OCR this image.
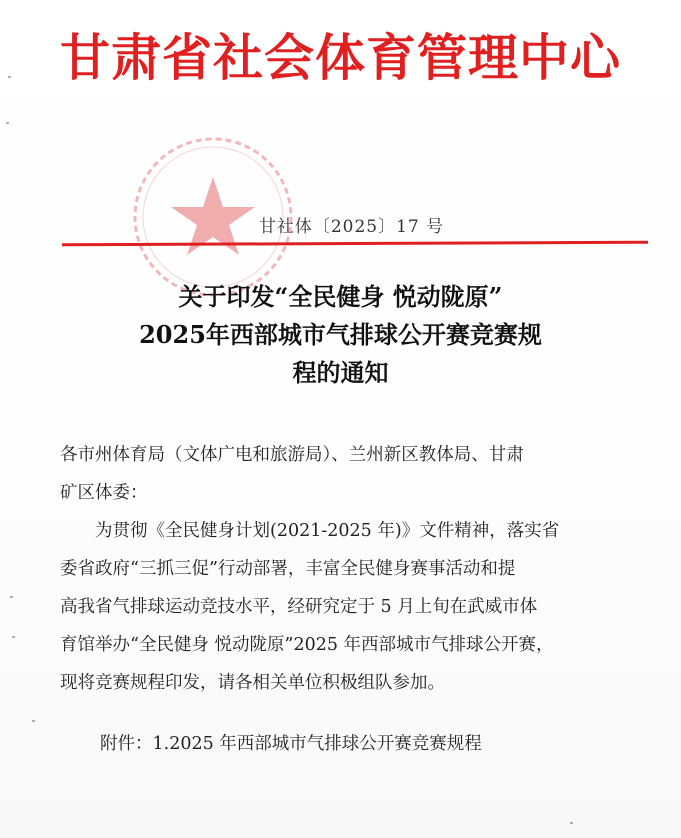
甘肃省社会体育管理中心
甘社体〔2025〕17 号
关于印发“全民健身 悦动陇原”
2025年西部城市气排球公开赛竞赛规
程的通知
各市州体育局（文体广电和旅游局）、兰州新区教体局、甘肃
矿区体委：
为贯彻《全民健身计划(2021-2025 年)》文件精神，落实省
委省政府“三抓三促”行动部署，丰富全民健身赛事活动和提
高我省气排球运动竞技水平，经研究定于 5 月上旬在武威市体
育馆举办“全民健身 悦动陇原”2025 年西部城市气排球公开赛，
现将竞赛规程印发，请各相关单位积极组队参加。
附件：1.2025 年西部城市气排球公开赛竞赛规程
